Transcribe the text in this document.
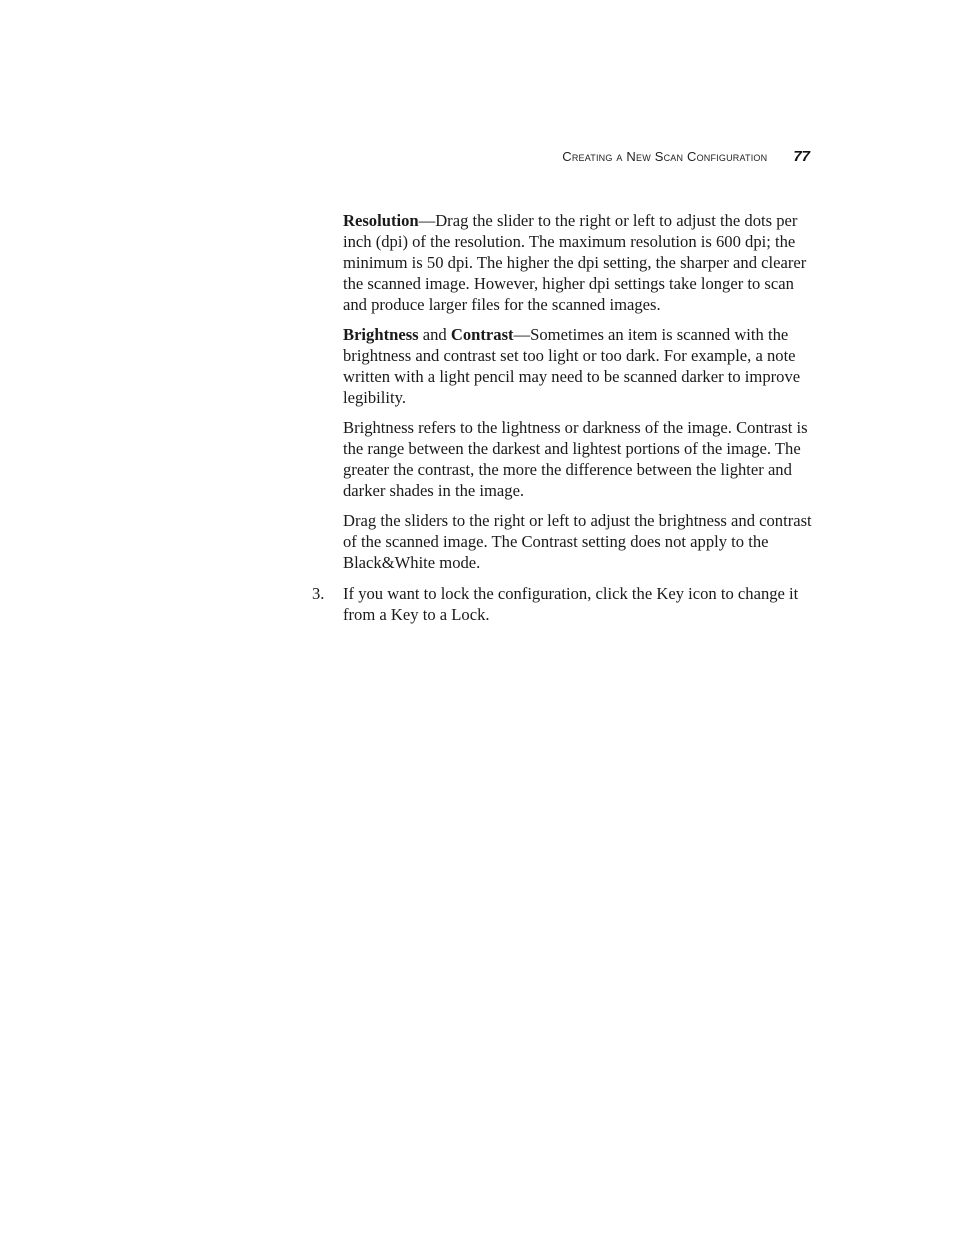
Creating a New Scan Configuration 77

Resolution—Drag the slider to the right or left to adjust the dots per inch (dpi) of the resolution. The maximum resolution is 600 dpi; the minimum is 50 dpi. The higher the dpi setting, the sharper and clearer the scanned image. However, higher dpi settings take longer to scan and produce larger files for the scanned images.

Brightness and Contrast—Sometimes an item is scanned with the brightness and contrast set too light or too dark. For example, a note written with a light pencil may need to be scanned darker to improve legibility.

Brightness refers to the lightness or darkness of the image. Contrast is the range between the darkest and lightest portions of the image. The greater the contrast, the more the difference between the lighter and darker shades in the image.

Drag the sliders to the right or left to adjust the brightness and contrast of the scanned image. The Contrast setting does not apply to the Black&White mode.

3. If you want to lock the configuration, click the Key icon to change it from a Key to a Lock.
